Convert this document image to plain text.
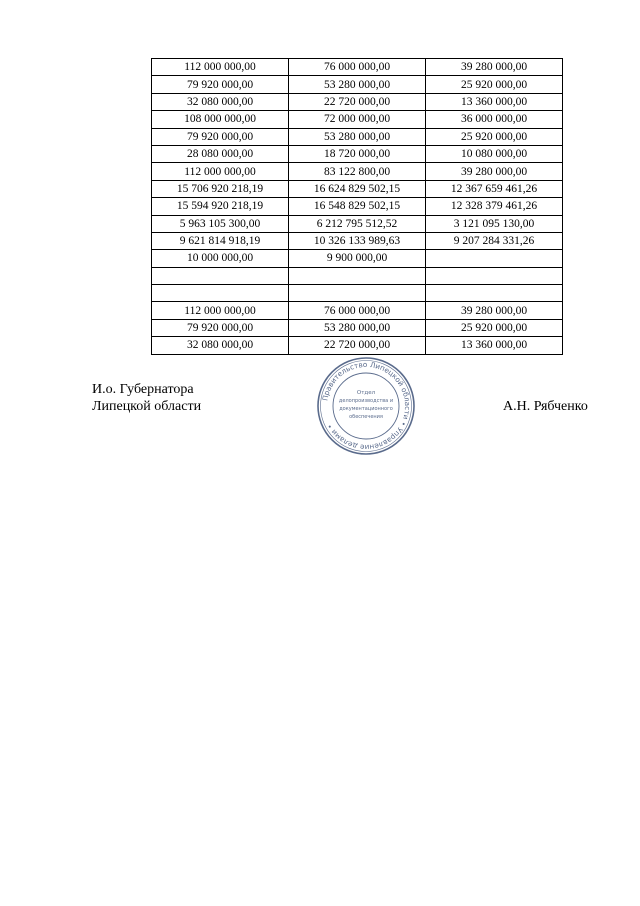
112 000 000,00	76 000 000,00	39 280 000,00
79 920 000,00	53 280 000,00	25 920 000,00
32 080 000,00	22 720 000,00	13 360 000,00
108 000 000,00	72 000 000,00	36 000 000,00
79 920 000,00	53 280 000,00	25 920 000,00
28 080 000,00	18 720 000,00	10 080 000,00
112 000 000,00	83 122 800,00	39 280 000,00
15 706 920 218,19	16 624 829 502,15	12 367 659 461,26
15 594 920 218,19	16 548 829 502,15	12 328 379 461,26
5 963 105 300,00	6 212 795 512,52	3 121 095 130,00
9 621 814 918,19	10 326 133 989,63	9 207 284 331,26
10 000 000,00	9 900 000,00	

112 000 000,00	76 000 000,00	39 280 000,00
79 920 000,00	53 280 000,00	25 920 000,00
32 080 000,00	22 720 000,00	13 360 000,00
И.о. Губернатора
Липецкой области
Правительство Липецкой области • Управление делами •
Отдел
делопроизводства и
документационного
обеспечения
А.Н. Рябченко
